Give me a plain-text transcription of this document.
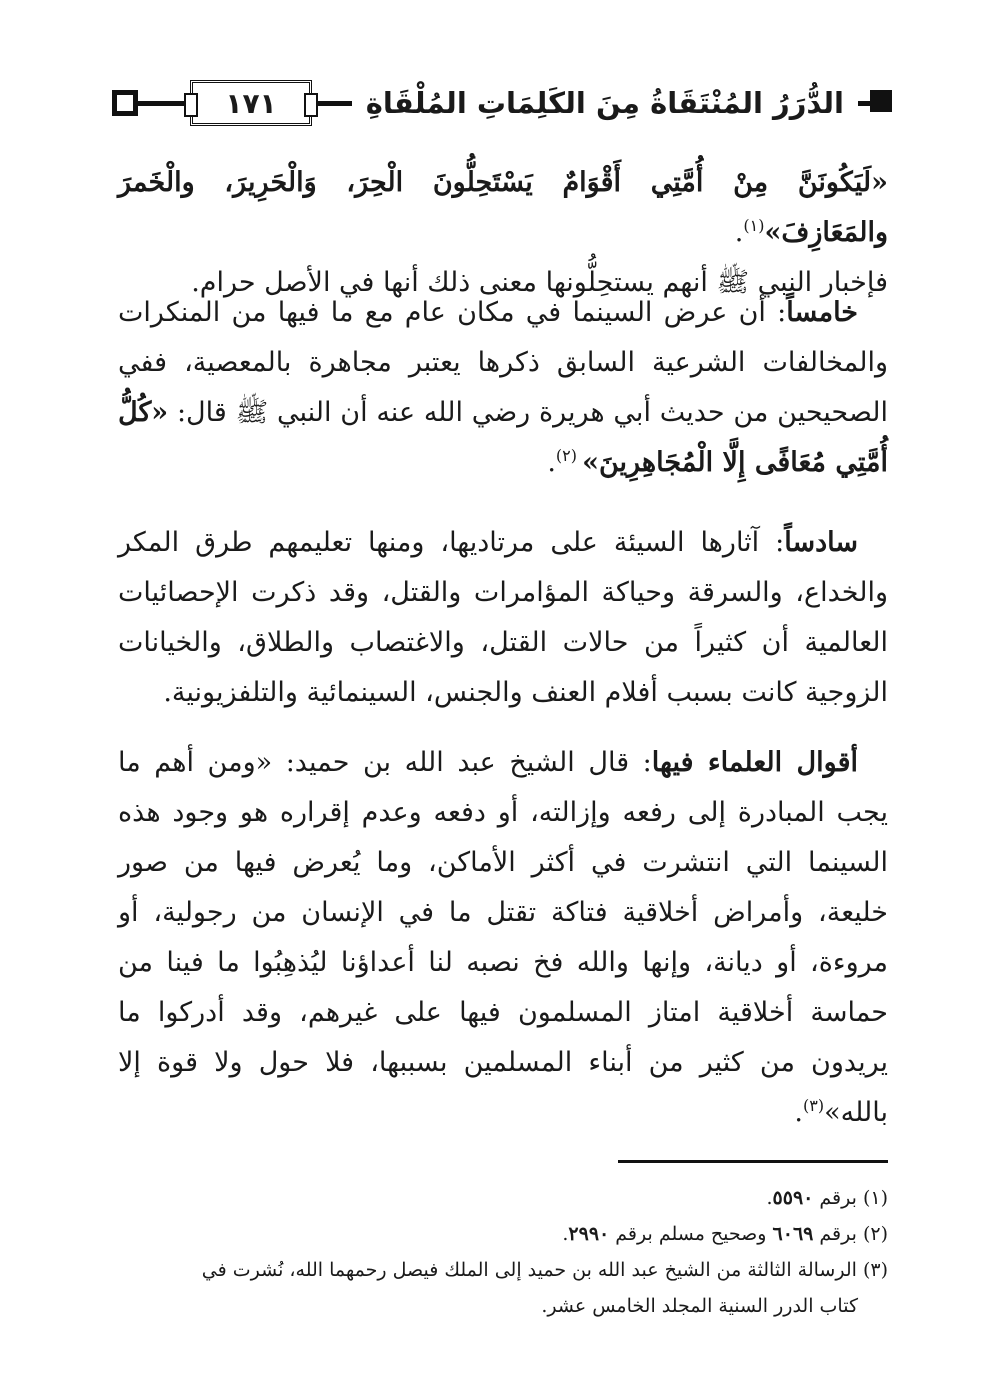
١٧١	الدُّرَرُ المُنْتَقَاةُ مِنَ الكَلِمَاتِ المُلْقَاةِ

«لَيَكُونَنَّ مِنْ أُمَّتِي أَقْوَامٌ يَسْتَحِلُّونَ الْحِرَ، وَالْحَرِيرَ، والْخَمرَ والمَعَازِفَ»$^{(١)}$.

فإخبار النبي ﷺ أنهم يستحِلُّونها معنى ذلك أنها في الأصل حرام.

خامساً: أن عرض السينما في مكان عام مع ما فيها من المنكرات والمخالفات الشرعية السابق ذكرها يعتبر مجاهرة بالمعصية، ففي الصحيحين من حديث أبي هريرة رضي الله عنه أن النبي ﷺ قال: «كُلُّ أُمَّتِي مُعَافًى إِلَّا الْمُجَاهِرِينَ» $^{(٢)}$.

سادساً: آثارها السيئة على مرتاديها، ومنها تعليمهم طرق المكر والخداع، والسرقة وحياكة المؤامرات والقتل، وقد ذكرت الإحصائيات العالمية أن كثيراً من حالات القتل، والاغتصاب والطلاق، والخيانات الزوجية كانت بسبب أفلام العنف والجنس، السينمائية والتلفزيونية.

أقوال العلماء فيها: قال الشيخ عبد الله بن حميد: «ومن أهم ما يجب المبادرة إلى رفعه وإزالته، أو دفعه وعدم إقراره هو وجود هذه السينما التي انتشرت في أكثر الأماكن، وما يُعرض فيها من صور خليعة، وأمراض أخلاقية فتاكة تقتل ما في الإنسان من رجولية، أو مروءة، أو ديانة، وإنها والله فخ نصبه لنا أعداؤنا ليُذهِبُوا ما فينا من حماسة أخلاقية امتاز المسلمون فيها على غيرهم، وقد أدركوا ما يريدون من كثير من أبناء المسلمين بسببها، فلا حول ولا قوة إلا بالله»$^{(٣)}$.

(١) برقم ٥٥٩٠.

(٢) برقم ٦٠٦٩ وصحيح مسلم برقم ٢٩٩٠.

(٣) الرسالة الثالثة من الشيخ عبد الله بن حميد إلى الملك فيصل رحمهما الله، نُشرت في

كتاب الدرر السنية المجلد الخامس عشر.
